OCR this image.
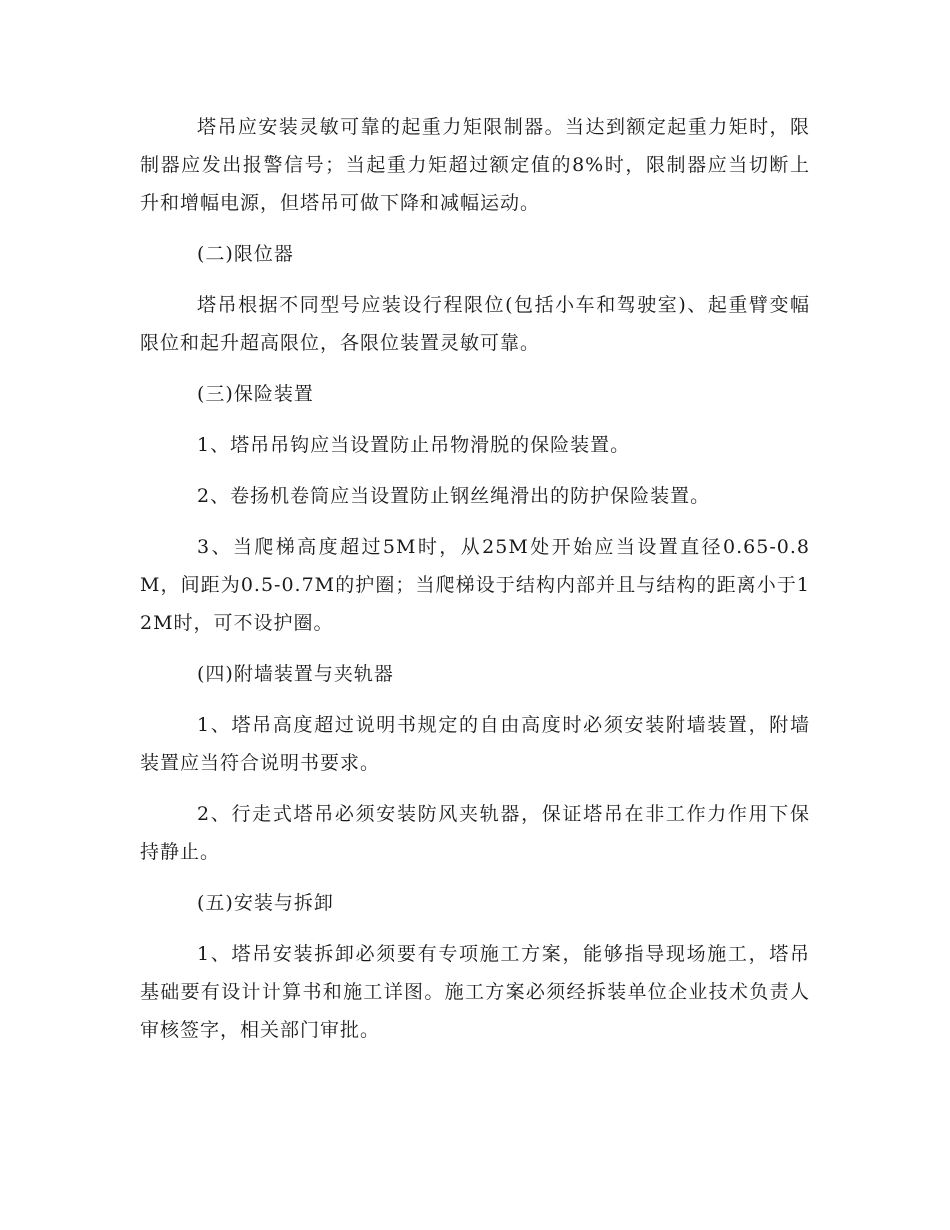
塔吊应安装灵敏可靠的起重力矩限制器。当达到额定起重力矩时，限制器应发出报警信号；当起重力矩超过额定值的8%时，限制器应当切断上升和增幅电源，但塔吊可做下降和减幅运动。

(二)限位器

塔吊根据不同型号应装设行程限位(包括小车和驾驶室)、起重臂变幅限位和起升超高限位，各限位装置灵敏可靠。

(三)保险装置

1、塔吊吊钩应当设置防止吊物滑脱的保险装置。

2、卷扬机卷筒应当设置防止钢丝绳滑出的防护保险装置。

3、当爬梯高度超过5M时，从25M处开始应当设置直径0.65-0.8M，间距为0.5-0.7M的护圈；当爬梯设于结构内部并且与结构的距离小于12M时，可不设护圈。

(四)附墙装置与夹轨器

1、塔吊高度超过说明书规定的自由高度时必须安装附墙装置，附墙装置应当符合说明书要求。

2、行走式塔吊必须安装防风夹轨器，保证塔吊在非工作力作用下保持静止。

(五)安装与拆卸

1、塔吊安装拆卸必须要有专项施工方案，能够指导现场施工，塔吊基础要有设计计算书和施工详图。施工方案必须经拆装单位企业技术负责人审核签字，相关部门审批。
